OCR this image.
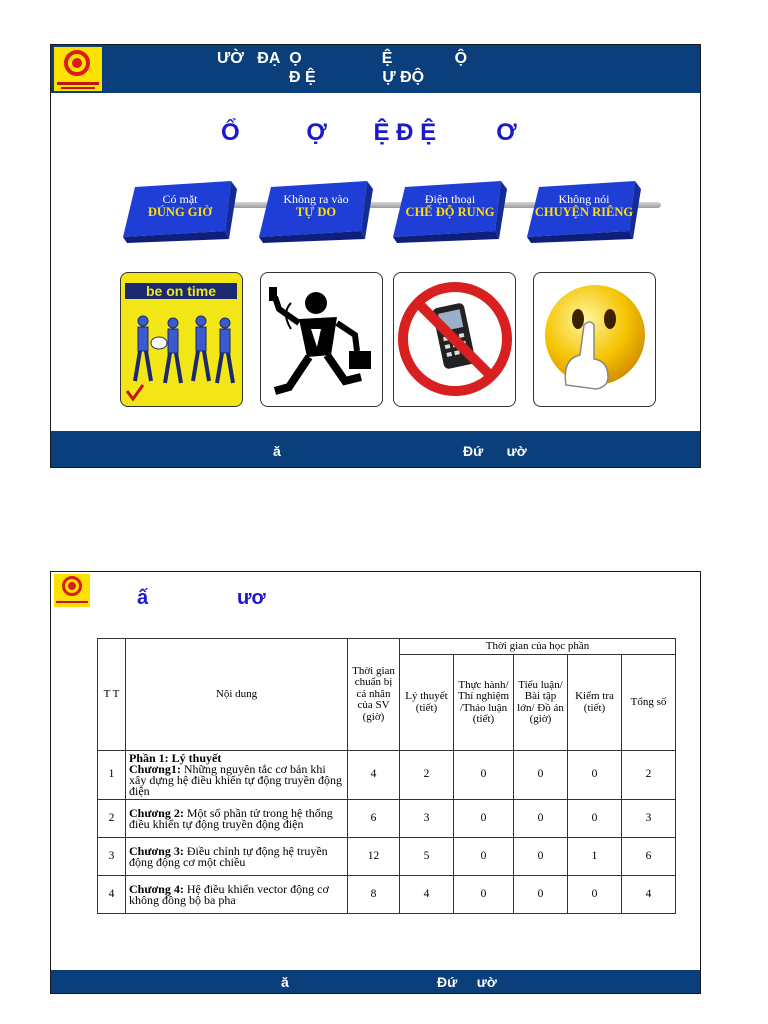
ƯỜ   ĐẠ  Ọ                  Ệ              Ộ
Đ Ệ               Ự ĐỘ
Ổ          Ợ       Ệ Đ Ệ         Ơ
Có mặt
ĐÚNG GIỜ
Không ra vào
TỰ DO
Điện thoại
CHẾ ĐỘ RUNG
Không nói
CHUYỆN RIÊNG
be on time
ă	Đứ      ườ
ấ                ươ
T T	Nội dung	Thời gian chuẩn bị cá nhân của SV (giờ)	Thời gian của học phần				
			Lý thuyết (tiết)	Thực hành/ Thí nghiệm /Thảo luận (tiết)	Tiểu luận/ Bài tập lớn/ Đồ án (giờ)	Kiểm tra (tiết)	Tổng số
1	Phần 1: Lý thuyết
Chương1: Những nguyên tắc cơ bản khi xây dựng hệ điều khiển tự động truyền động điện	4	2	0	0	0	2
2	Chương 2: Một số phần tử trong hệ thống điều khiển tự động truyền động điện	6	3	0	0	0	3
3	Chương 3: Điều chỉnh tự động hệ truyền động động cơ một chiều	12	5	0	0	1	6
4	Chương 4: Hệ điều khiển vector động cơ không đồng bộ ba pha	8	4	0	0	0	4
ă	Đứ     ườ
